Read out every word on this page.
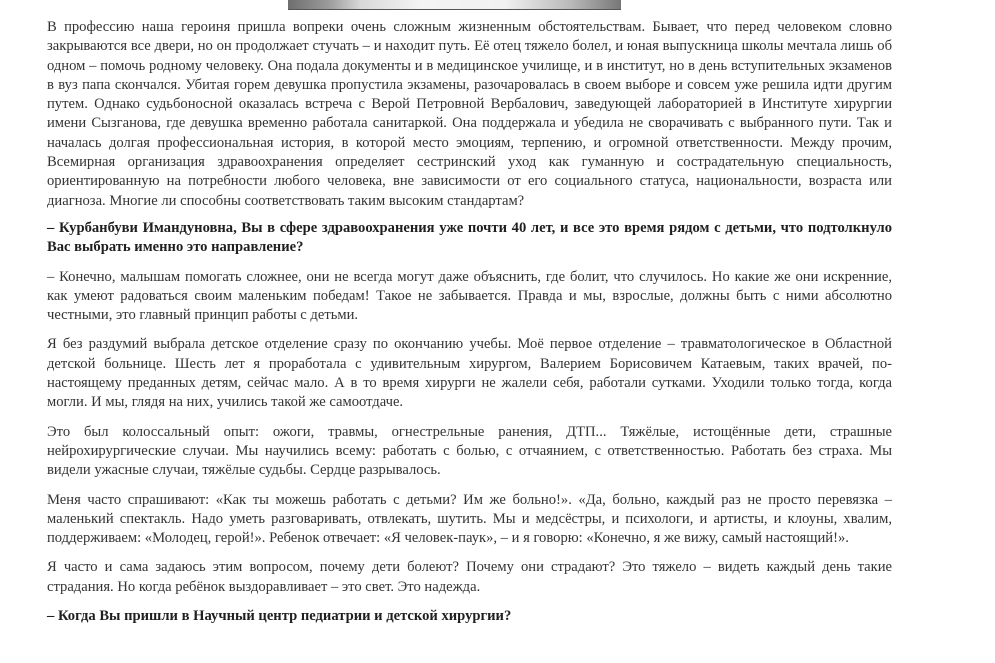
В профессию наша героиня пришла вопреки очень сложным жизненным обстоятельствам. Бывает, что перед человеком словно закрываются все двери, но он продолжает стучать – и находит путь. Её отец тяжело болел, и юная выпускница школы мечтала лишь об одном – помочь родному человеку. Она подала документы и в медицинское училище, и в институт, но в день вступительных экзаменов в вуз папа скончался. Убитая горем девушка пропустила экзамены, разочаровалась в своем выборе и совсем уже решила идти другим путем. Однако судьбоносной оказалась встреча с Верой Петровной Вербалович, заведующей лабораторией в Институте хирургии имени Сызганова, где девушка временно работала санитаркой. Она поддержала и убедила не сворачивать с выбранного пути. Так и началась долгая профессиональная история, в которой место эмоциям, терпению, и огромной ответственности. Между прочим, Всемирная организация здравоохранения определяет сестринский уход как гуманную и сострадательную специальность, ориентированную на потребности любого человека, вне зависимости от его социального статуса, национальности, возраста или диагноза. Многие ли способны соответствовать таким высоким стандартам?

– Курбанбуви Имандуновна, Вы в сфере здравоохранения уже почти 40 лет, и все это время рядом с детьми, что подтолкнуло Вас выбрать именно это направление?

– Конечно, малышам помогать сложнее, они не всегда могут даже объяснить, где болит, что случилось. Но какие же они искренние, как умеют радоваться своим маленьким победам! Такое не забывается. Правда и мы, взрослые, должны быть с ними абсолютно честными, это главный принцип работы с детьми.

Я без раздумий выбрала детское отделение сразу по окончанию учебы. Моё первое отделение – травматологическое в Областной детской больнице. Шесть лет я проработала с удивительным хирургом, Валерием Борисовичем Катаевым, таких врачей, по-настоящему преданных детям, сейчас мало. А в то время хирурги не жалели себя, работали сутками. Уходили только тогда, когда могли. И мы, глядя на них, учились такой же самоотдаче.

Это был колоссальный опыт: ожоги, травмы, огнестрельные ранения, ДТП... Тяжёлые, истощённые дети, страшные нейрохирургические случаи. Мы научились всему: работать с болью, с отчаянием, с ответственностью. Работать без страха. Мы видели ужасные случаи, тяжёлые судьбы. Сердце разрывалось.

Меня часто спрашивают: «Как ты можешь работать с детьми? Им же больно!». «Да, больно, каждый раз не просто перевязка – маленький спектакль. Надо уметь разговаривать, отвлекать, шутить. Мы и медсёстры, и психологи, и артисты, и клоуны, хвалим, поддерживаем: «Молодец, герой!». Ребенок отвечает: «Я человек-паук», – и я говорю: «Конечно, я же вижу, самый настоящий!».

Я часто и сама задаюсь этим вопросом, почему дети болеют? Почему они страдают? Это тяжело – видеть каждый день такие страдания. Но когда ребёнок выздоравливает – это свет. Это надежда.

– Когда Вы пришли в Научный центр педиатрии и детской хирургии?
